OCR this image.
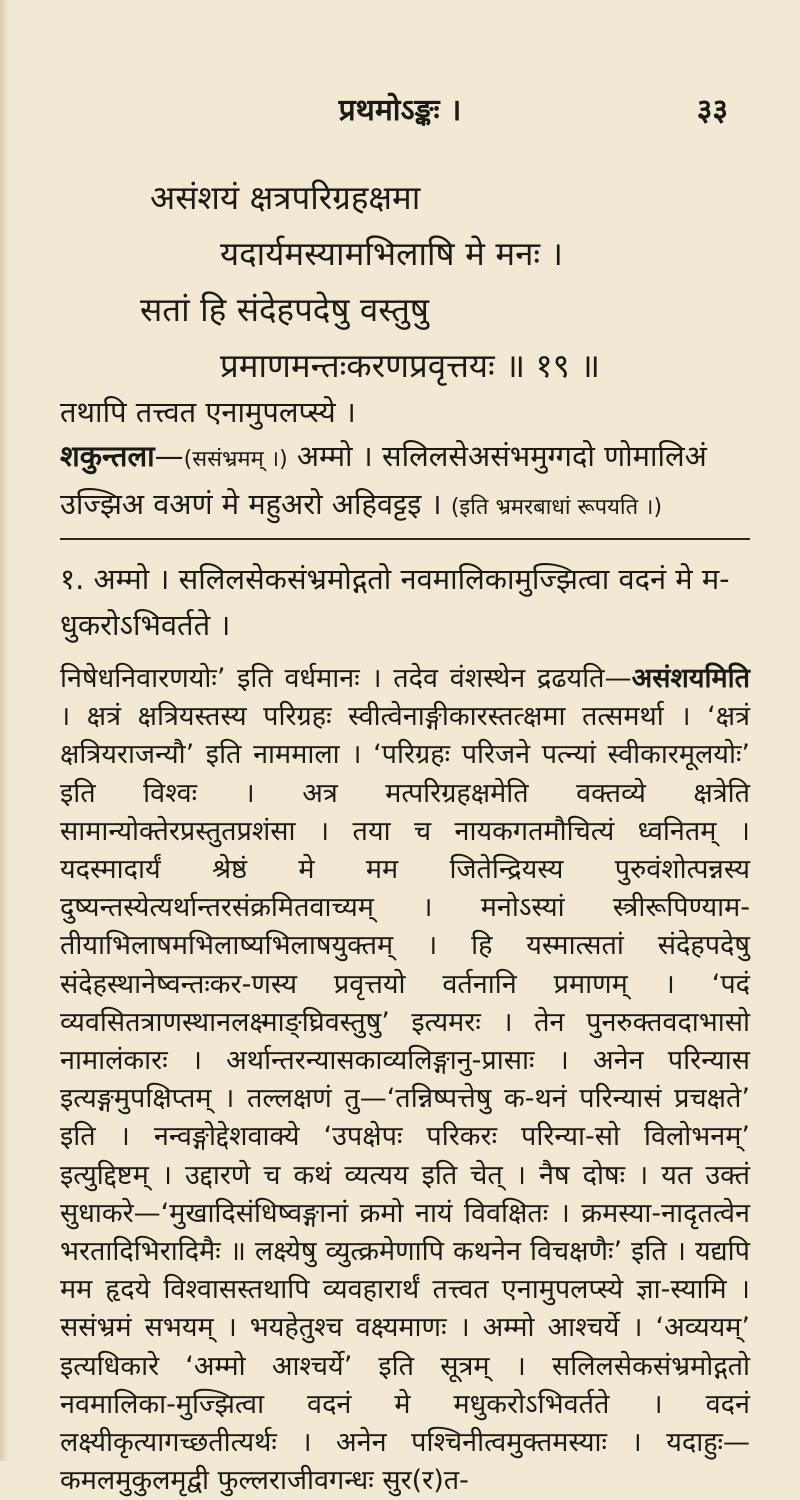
प्रथमोऽङ्कः ।	३३
असंशयं क्षत्रपरिग्रहक्षमा
यदार्यमस्यामभिलाषि मे मनः ।
सतां हि संदेहपदेषु वस्तुषु
प्रमाणमन्तःकरणप्रवृत्तयः ॥ १९ ॥

तथापि तत्त्वत एनामुपलप्स्ये ।

शकुन्तला—(ससंभ्रमम् ।) अम्मो । सलिलसेअसंभमुग्गदो णोमालिअं उज्झिअ वअणं मे महुअरो अहिवट्टइ । (इति भ्रमरबाधां रूपयति ।)

१. अम्मो । सलिलसेकसंभ्रमोद्गतो नवमालिकामुज्झित्वा वदनं मे म-धुकरोऽभिवर्तते ।
निषेधनिवारणयोः’ इति वर्धमानः । तदेव वंशस्थेन द्रढयति—असंशयमिति । क्षत्रं क्षत्रियस्तस्य परिग्रहः स्वीत्वेनाङ्गीकारस्तत्क्षमा तत्समर्था । ‘क्षत्रं क्षत्रियराजन्यौ’ इति नाममाला । ‘परिग्रहः परिजने पत्न्यां स्वीकारमूलयोः’ इति विश्वः । अत्र मत्परिग्रहक्षमेति वक्तव्ये क्षत्रेति सामान्योक्तेरप्रस्तुतप्रशंसा । तया च नायकगतमौचित्यं ध्वनितम् । यदस्मादार्यं श्रेष्ठं मे मम जितेन्द्रियस्य पुरुवंशोत्पन्नस्य दुष्यन्तस्येत्यर्थान्तरसंक्रमितवाच्यम् । मनोऽस्यां स्त्रीरूपिण्याम-तीयाभिलाषमभिलाष्यभिलाषयुक्तम् । हि यस्मात्सतां संदेहपदेषु संदेहस्थानेष्वन्तःकर-णस्य प्रवृत्तयो वर्तनानि प्रमाणम् । ‘पदं व्यवसितत्राणस्थानलक्ष्माङ्घ्रिवस्तुषु’ इत्यमरः । तेन पुनरुक्तवदाभासो नामालंकारः । अर्थान्तरन्यासकाव्यलिङ्गानु-प्रासाः । अनेन परिन्यास इत्यङ्गमुपक्षिप्तम् । तल्लक्षणं तु—‘तन्निष्पत्तेषु क-थनं परिन्यासं प्रचक्षते’ इति । नन्वङ्गोद्देशवाक्ये ‘उपक्षेपः परिकरः परिन्या-सो विलोभनम्’ इत्युद्दिष्टम् । उद्दारणे च कथं व्यत्यय इति चेत् । नैष दोषः । यत उक्तं सुधाकरे—‘मुखादिसंधिष्वङ्गानां क्रमो नायं विवक्षितः । क्रमस्या-नादृतत्वेन भरतादिभिरादिमैः ॥ लक्ष्येषु व्युत्क्रमेणापि कथनेन विचक्षणैः’ इति । यद्यपि मम हृदये विश्वासस्तथापि व्यवहारार्थं तत्त्वत एनामुपलप्स्ये ज्ञा-स्यामि । ससंभ्रमं सभयम् । भयहेतुश्च वक्ष्यमाणः । अम्मो आश्चर्ये । ‘अव्ययम्’ इत्यधिकारे ‘अम्मो आश्चर्ये’ इति सूत्रम् । सलिलसेकसंभ्रमोद्गतो नवमालिका-मुज्झित्वा वदनं मे मधुकरोऽभिवर्तते । वदनं लक्ष्यीकृत्यागच्छतीत्यर्थः । अनेन पश्चिनीत्वमुक्तमस्याः । यदाहुः—कमलमुकुलमृद्वी फुल्लराजीवगन्धः सुर(र)त-
